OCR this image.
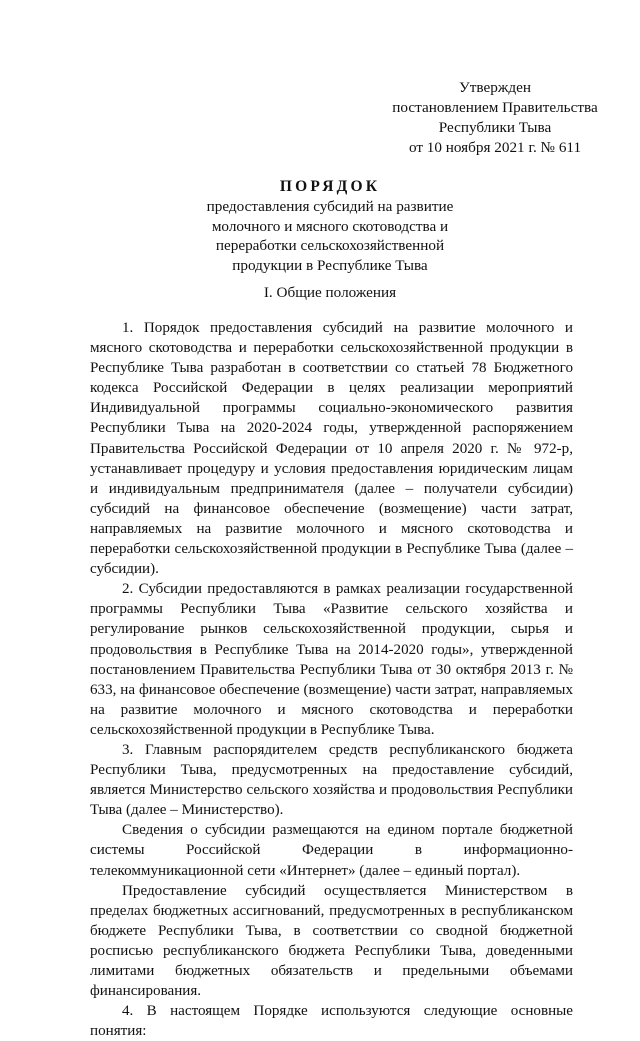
Утвержден
постановлением Правительства
Республики Тыва
от 10 ноября 2021 г. № 611
ПОРЯДОК
предоставления субсидий на развитие
молочного и мясного скотоводства и
переработки сельскохозяйственной
продукции в Республике Тыва
I. Общие положения

1. Порядок предоставления субсидий на развитие молочного и мясного скотоводства и переработки сельскохозяйственной продукции в Республике Тыва разработан в соответствии со статьей 78 Бюджетного кодекса Российской Федерации в целях реализации мероприятий Индивидуальной программы социально-экономического развития Республики Тыва на 2020-2024 годы, утвержденной распоряжением Правительства Российской Федерации от 10 апреля 2020 г. № 972-р, устанавливает процедуру и условия предоставления юридическим лицам и индивидуальным предпринимателя (далее – получатели субсидии) субсидий на финансовое обеспечение (возмещение) части затрат, направляемых на развитие молочного и мясного скотоводства и переработки сельскохозяйственной продукции в Республике Тыва (далее – субсидии).

2. Субсидии предоставляются в рамках реализации государственной программы Республики Тыва «Развитие сельского хозяйства и регулирование рынков сельскохозяйственной продукции, сырья и продовольствия в Республике Тыва на 2014-2020 годы», утвержденной постановлением Правительства Республики Тыва от 30 октября 2013 г. № 633, на финансовое обеспечение (возмещение) части затрат, направляемых на развитие молочного и мясного скотоводства и переработки сельскохозяйственной продукции в Республике Тыва.

3. Главным распорядителем средств республиканского бюджета Республики Тыва, предусмотренных на предоставление субсидий, является Министерство сельского хозяйства и продовольствия Республики Тыва (далее – Министерство).

Сведения о субсидии размещаются на едином портале бюджетной системы Российской Федерации в информационно-телекоммуникационной сети «Интернет» (далее – единый портал).

Предоставление субсидий осуществляется Министерством в пределах бюджетных ассигнований, предусмотренных в республиканском бюджете Республики Тыва, в соответствии со сводной бюджетной росписью республиканского бюджета Республики Тыва, доведенными лимитами бюджетных обязательств и предельными объемами финансирования.

4. В настоящем Порядке используются следующие основные понятия:
